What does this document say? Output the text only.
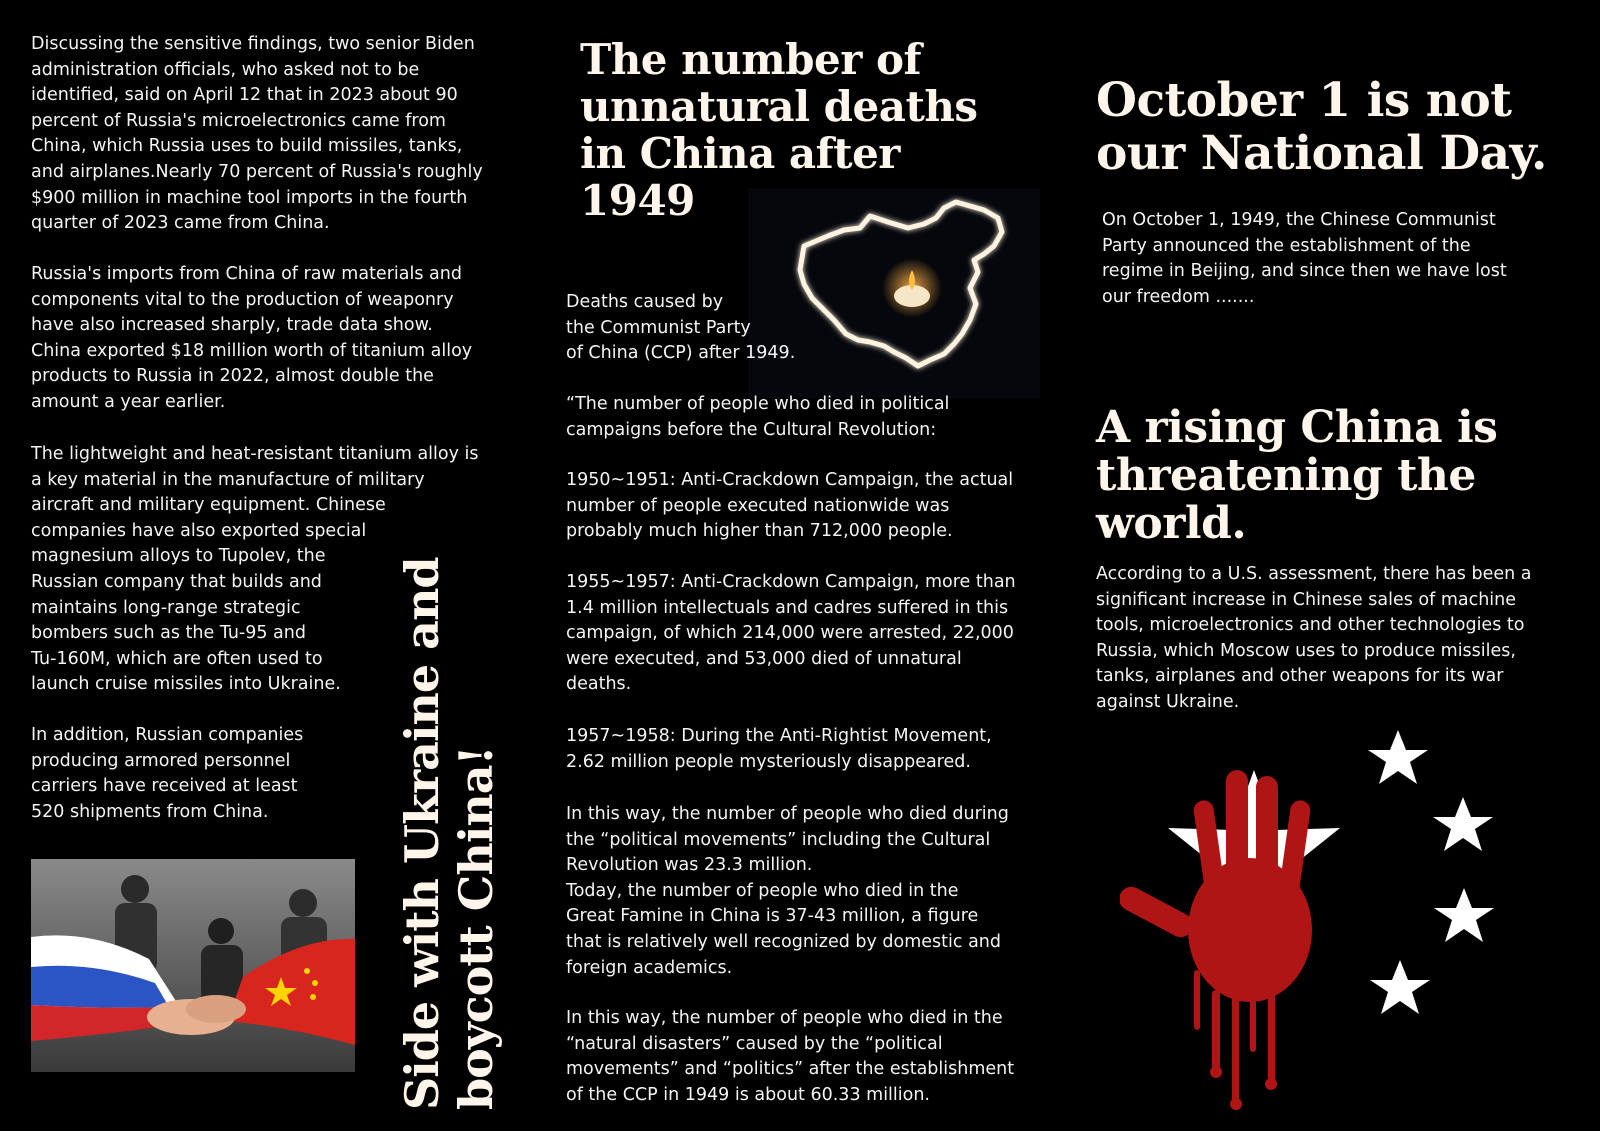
Discussing the sensitive findings, two senior Biden
administration officials, who asked not to be
identified, said on April 12 that in 2023 about 90
percent of Russia's microelectronics came from
China, which Russia uses to build missiles, tanks,
and airplanes.Nearly 70 percent of Russia's roughly
$900 million in machine tool imports in the fourth
quarter of 2023 came from China.

Russia's imports from China of raw materials and
components vital to the production of weaponry
have also increased sharply, trade data show.
China exported $18 million worth of titanium alloy
products to Russia in 2022, almost double the
amount a year earlier.

The lightweight and heat-resistant titanium alloy is
a key material in the manufacture of military
aircraft and military equipment. Chinese
companies have also exported special
magnesium alloys to Tupolev, the
Russian company that builds and
maintains long-range strategic
bombers such as the Tu-95 and
Tu-160M, which are often used to
launch cruise missiles into Ukraine.

In addition, Russian companies
producing armored personnel
carriers have received at least
520 shipments from China.	Side with Ukraine and boycott China!
The number of unnatural deaths in China after 1949

Deaths caused by
the Communist Party
of China (CCP) after 1949.

“The number of people who died in political
campaigns before the Cultural Revolution:

1950~1951: Anti-Crackdown Campaign, the actual
number of people executed nationwide was
probably much higher than 712,000 people.

1955~1957: Anti-Crackdown Campaign, more than
1.4 million intellectuals and cadres suffered in this
campaign, of which 214,000 were arrested, 22,000
were executed, and 53,000 died of unnatural
deaths.

1957~1958: During the Anti-Rightist Movement,
2.62 million people mysteriously disappeared.

In this way, the number of people who died during
the “political movements” including the Cultural
Revolution was 23.3 million.
Today, the number of people who died in the
Great Famine in China is 37-43 million, a figure
that is relatively well recognized by domestic and
foreign academics.

In this way, the number of people who died in the
“natural disasters” caused by the “political
movements” and “politics” after the establishment
of the CCP in 1949 is about 60.33 million.

October 1 is not our National Day.

On October 1, 1949, the Chinese Communist
Party announced the establishment of the
regime in Beijing, and since then we have lost
our freedom .......

A rising China is threatening the world.

According to a U.S. assessment, there has been a
significant increase in Chinese sales of machine
tools, microelectronics and other technologies to
Russia, which Moscow uses to produce missiles,
tanks, airplanes and other weapons for its war
against Ukraine.
